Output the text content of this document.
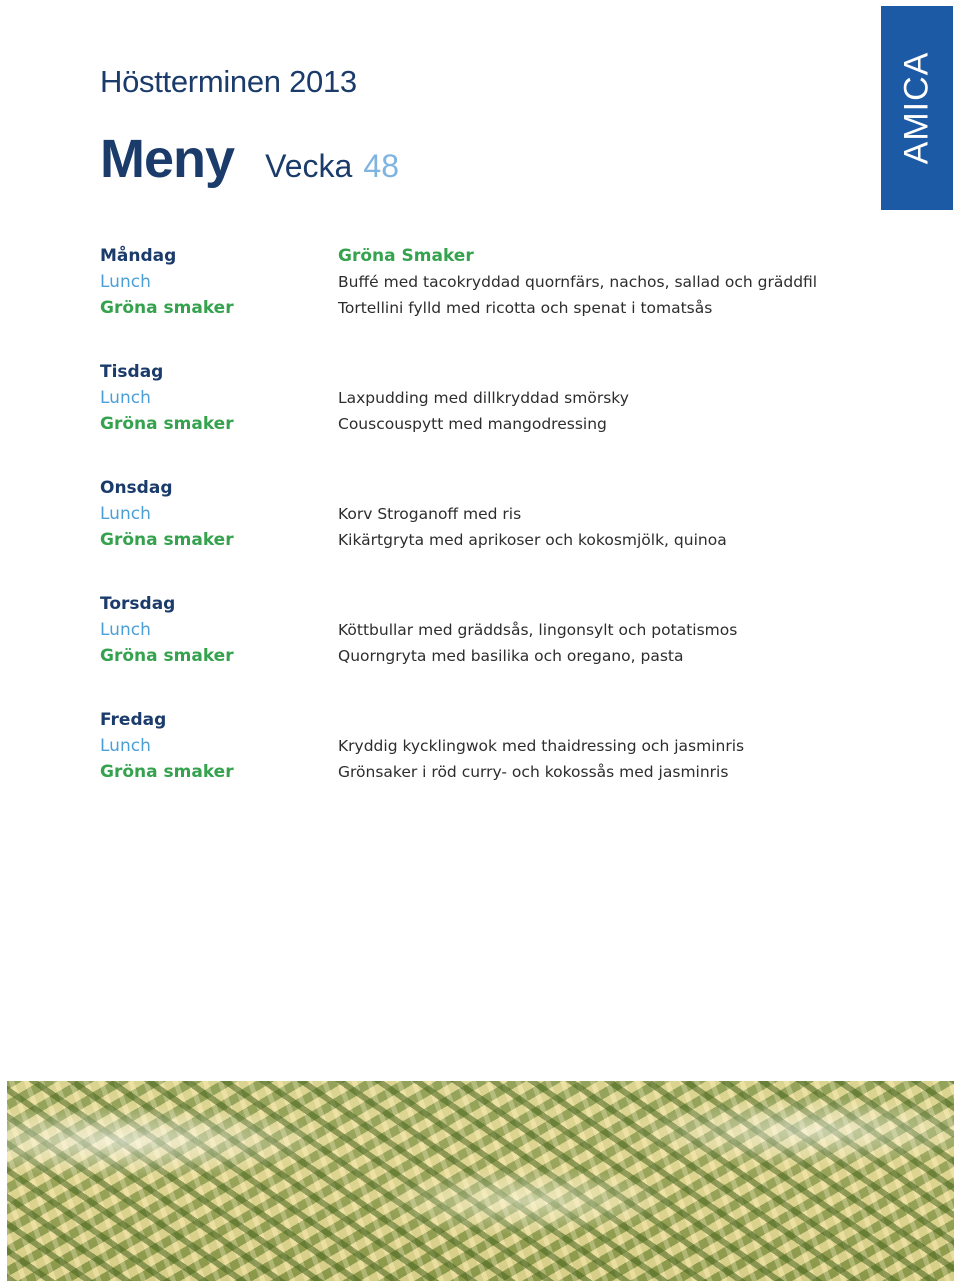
Höstterminen 2013
Meny Vecka 48
AMICA
Måndag
Lunch
Gröna smaker
Gröna Smaker
Buffé med tacokryddad quornfärs, nachos, sallad och gräddfil
Tortellini fylld med ricotta och spenat i tomatsås
Tisdag
Lunch
Gröna smaker
Laxpudding med dillkryddad smörsky
Couscouspytt med mangodressing
Onsdag
Lunch
Gröna smaker
Korv Stroganoff med ris
Kikärtgryta med aprikoser och kokosmjölk, quinoa
Torsdag
Lunch
Gröna smaker
Köttbullar med gräddsås, lingonsylt och potatismos
Quorngryta med basilika och oregano, pasta
Fredag
Lunch
Gröna smaker
Kryddig kycklingwok med thaidressing och jasminris
Grönsaker i röd curry- och kokossås med jasminris
